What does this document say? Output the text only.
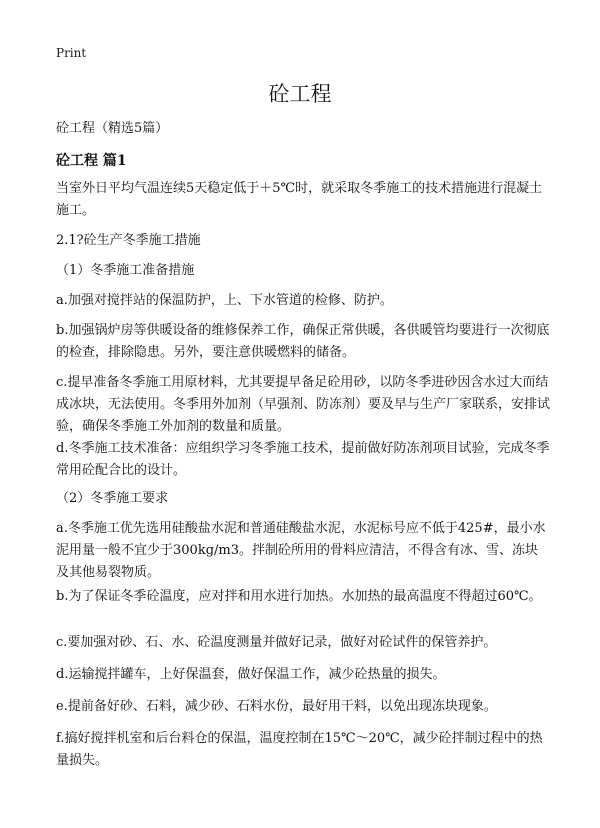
Print
砼工程

砼工程（精选5篇）

砼工程 篇1

当室外日平均气温连续5天稳定低于＋5℃时，就采取冬季施工的技术措施进行混凝土施工。

2.1?砼生产冬季施工措施

（1）冬季施工准备措施

a.加强对搅拌站的保温防护，上、下水管道的检修、防护。

b.加强锅炉房等供暖设备的维修保养工作，确保正常供暖，各供暖管均要进行一次彻底的检查，排除隐患。另外，要注意供暖燃料的储备。

c.提早准备冬季施工用原材料，尤其要提早备足砼用砂，以防冬季进砂因含水过大而结成冰块，无法使用。冬季用外加剂（早强剂、防冻剂）要及早与生产厂家联系，安排试验，确保冬季施工外加剂的数量和质量。

d.冬季施工技术准备：应组织学习冬季施工技术，提前做好防冻剂项目试验，完成冬季常用砼配合比的设计。

（2）冬季施工要求

a.冬季施工优先选用硅酸盐水泥和普通硅酸盐水泥，水泥标号应不低于425#，最小水泥用量一般不宜少于300kg/m3。拌制砼所用的骨料应清洁，不得含有冰、雪、冻块及其他易裂物质。

b.为了保证冬季砼温度，应对拌和用水进行加热。水加热的最高温度不得超过60℃。

c.要加强对砂、石、水、砼温度测量并做好记录，做好对砼试件的保管养护。

d.运输搅拌罐车，上好保温套，做好保温工作，减少砼热量的损失。

e.提前备好砂、石料，减少砂、石料水份，最好用干料，以免出现冻块现象。

f.搞好搅拌机室和后台料仓的保温，温度控制在15℃～20℃，减少砼拌制过程中的热量损失。
